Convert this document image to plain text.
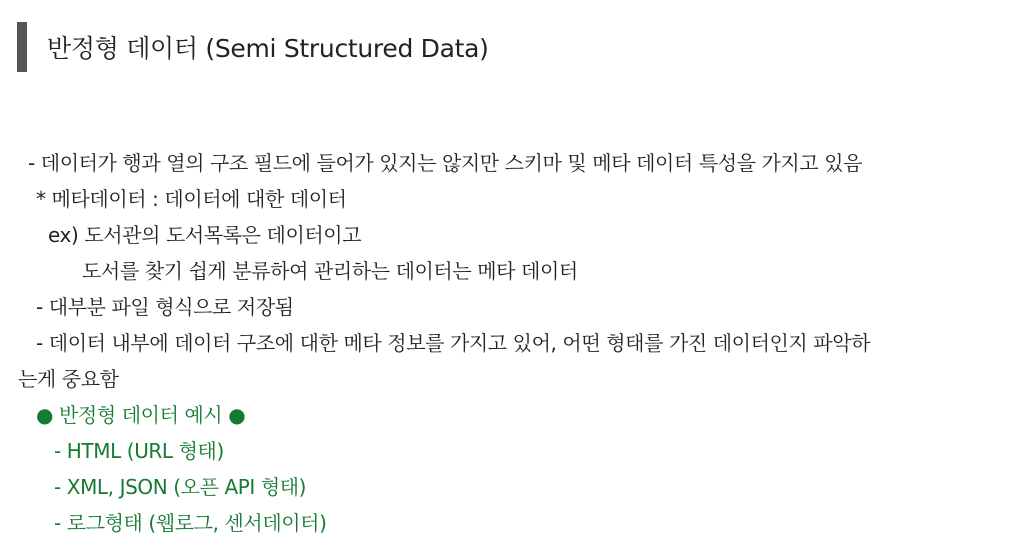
반정형 데이터 (Semi Structured Data)
- 데이터가 행과 열의 구조 필드에 들어가 있지는 않지만 스키마 및 메타 데이터 특성을 가지고 있음
* 메타데이터 : 데이터에 대한 데이터
ex) 도서관의 도서목록은 데이터이고
도서를 찾기 쉽게 분류하여 관리하는 데이터는 메타 데이터
- 대부분 파일 형식으로 저장됨
- 데이터 내부에 데이터 구조에 대한 메타 정보를 가지고 있어, 어떤 형태를 가진 데이터인지 파악하
는게 중요함
● 반정형 데이터 예시 ●
- HTML (URL 형태)
- XML, JSON (오픈 API 형태)
- 로그형태 (웹로그, 센서데이터)
